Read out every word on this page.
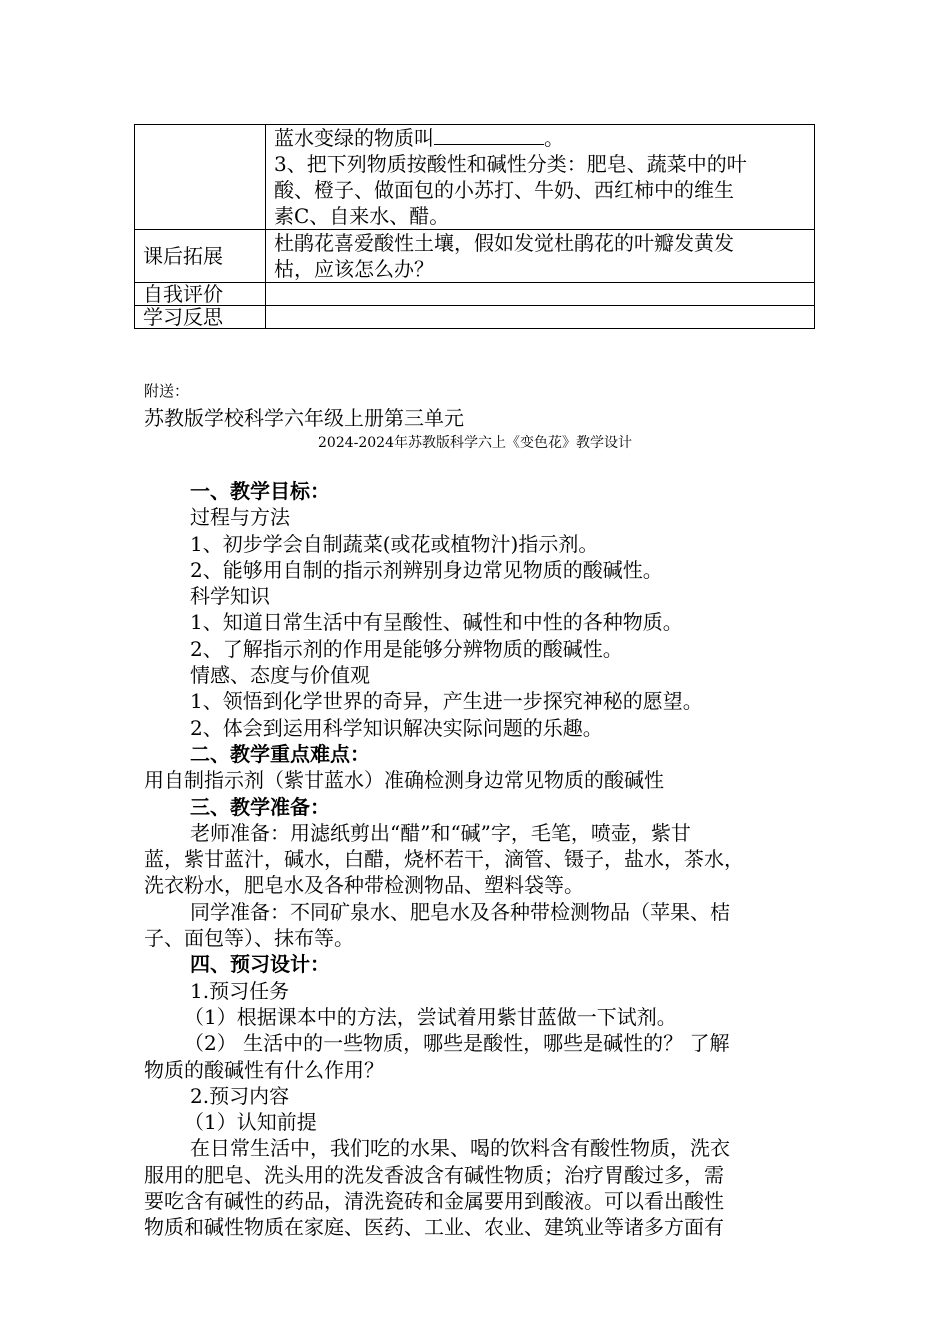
	蓝水变绿的物质叫 。
3、把下列物质按酸性和碱性分类：肥皂、蔬菜中的叶
酸、橙子、做面包的小苏打、牛奶、西红柿中的维生
素C、自来水、醋。

课后拓展	杜鹃花喜爱酸性土壤，假如发觉杜鹃花的叶瓣发黄发
枯，应该怎么办？

自我评价	
学习反思	
附送：
苏教版学校科学六年级上册第三单元
2024-2024年苏教版科学六上《变色花》教学设计

一、教学目标：

过程与方法

1、初步学会自制蔬菜(或花或植物汁)指示剂。

2、能够用自制的指示剂辨别身边常见物质的酸碱性。

科学知识

1、知道日常生活中有呈酸性、碱性和中性的各种物质。

2、了解指示剂的作用是能够分辨物质的酸碱性。

情感、态度与价值观

1、领悟到化学世界的奇异，产生进一步探究神秘的愿望。

2、体会到运用科学知识解决实际问题的乐趣。

二、教学重点难点：

用自制指示剂（紫甘蓝水）准确检测身边常见物质的酸碱性

三、教学准备：

老师准备：用滤纸剪出“醋”和“碱”字，毛笔，喷壶，紫甘

蓝，紫甘蓝汁，碱水，白醋，烧杯若干，滴管、镊子，盐水，茶水，

洗衣粉水，肥皂水及各种带检测物品、塑料袋等。

同学准备：不同矿泉水、肥皂水及各种带检测物品（苹果、桔

子、面包等）、抹布等。

四、预习设计：

1.预习任务

（1）根据课本中的方法，尝试着用紫甘蓝做一下试剂。

（2） 生活中的一些物质，哪些是酸性，哪些是碱性的？ 了解

物质的酸碱性有什么作用？

2.预习内容

（1）认知前提

在日常生活中，我们吃的水果、喝的饮料含有酸性物质，洗衣

服用的肥皂、洗头用的洗发香波含有碱性物质；治疗胃酸过多，需

要吃含有碱性的药品，清洗瓷砖和金属要用到酸液。可以看出酸性

物质和碱性物质在家庭、医药、工业、农业、建筑业等诸多方面有
